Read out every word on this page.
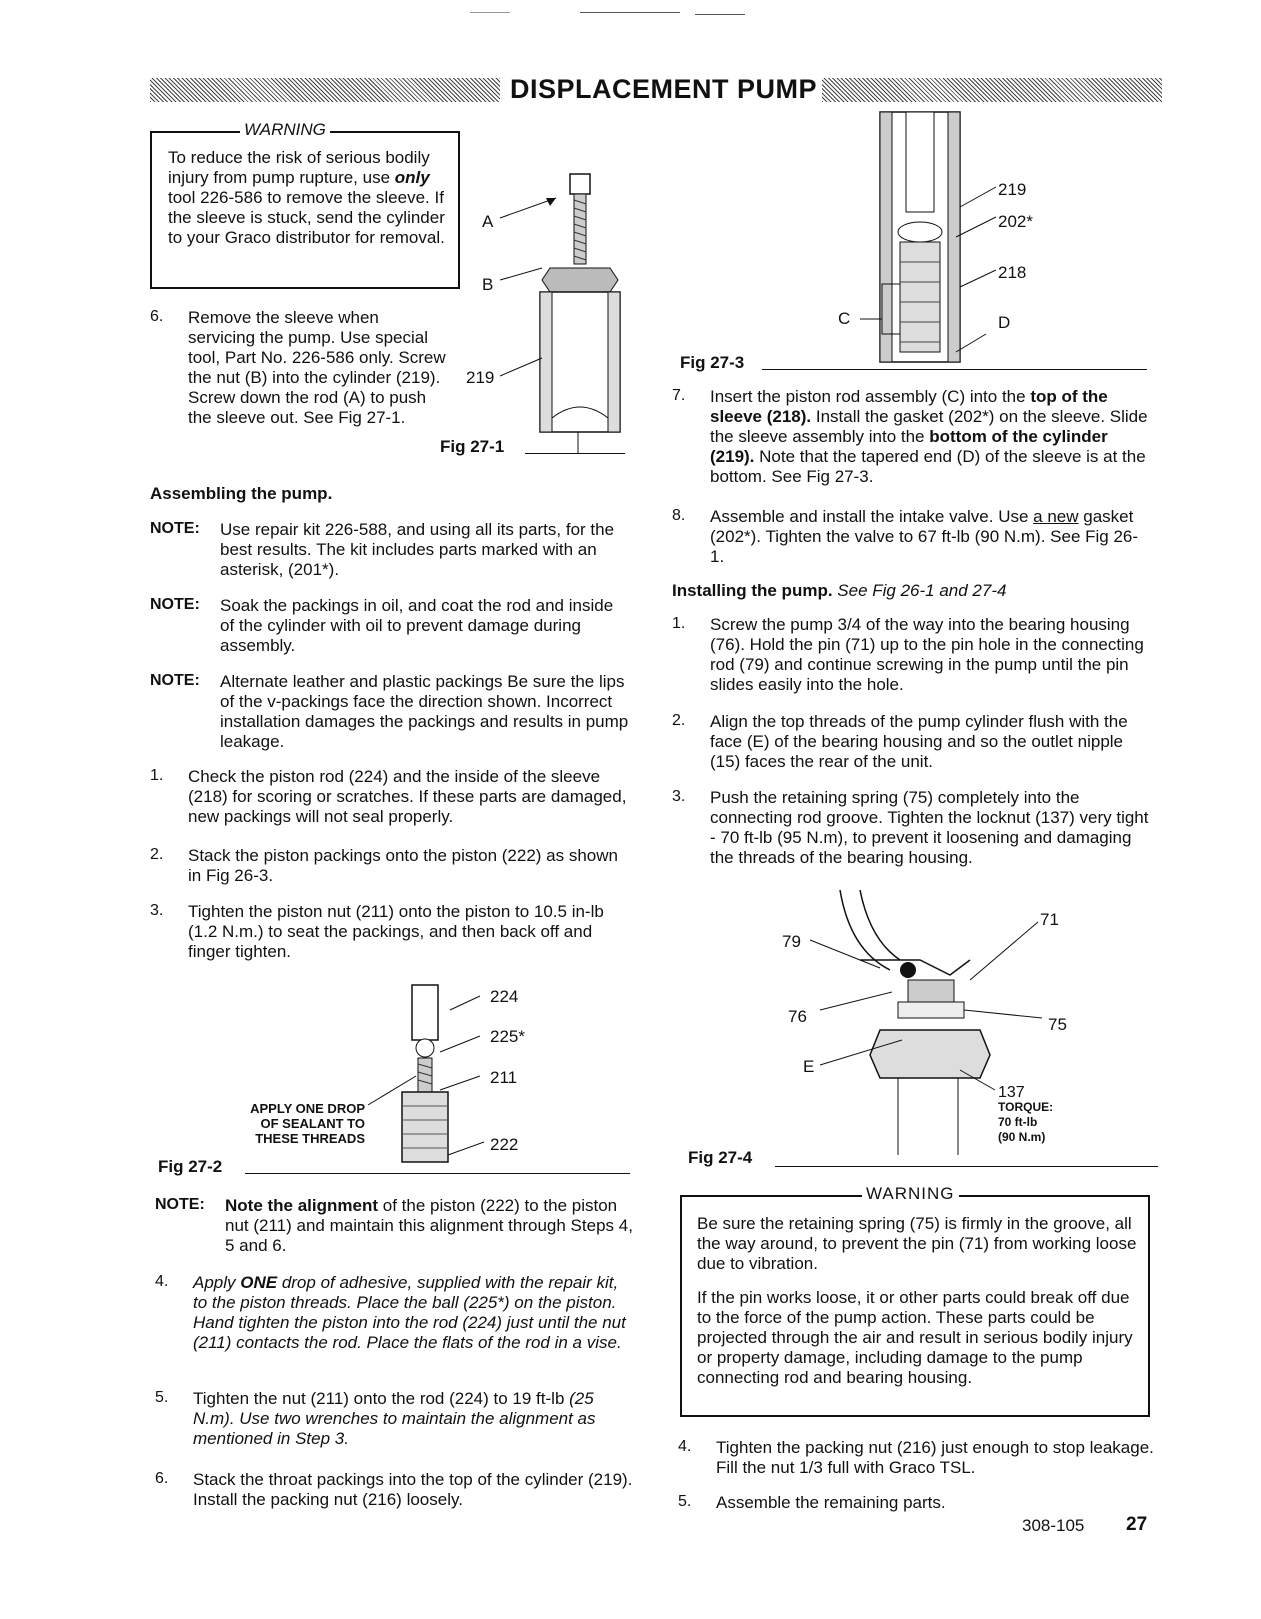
DISPLACEMENT PUMP
WARNING
To reduce the risk of serious bodily injury from pump rupture, use only tool 226-586 to remove the sleeve. If the sleeve is stuck, send the cylinder to your Graco distributor for removal.
6. Remove the sleeve when servicing the pump. Use special tool, Part No. 226-586 only. Screw the nut (B) into the cylinder (219). Screw down the rod (A) to push the sleeve out. See Fig 27-1.

A
B
219
Fig 27-1
Assembling the pump.
NOTE: Use repair kit 226-588, and using all its parts, for the best results. The kit includes parts marked with an asterisk, (201*).

NOTE: Soak the packings in oil, and coat the rod and inside of the cylinder with oil to prevent damage during assembly.

NOTE: Alternate leather and plastic packings Be sure the lips of the v-packings face the direction shown. Incorrect installation damages the packings and results in pump leakage.

1. Check the piston rod (224) and the inside of the sleeve (218) for scoring or scratches. If these parts are damaged, new packings will not seal properly.

2. Stack the piston packings onto the piston (222) as shown in Fig 26-3.

3. Tighten the piston nut (211) onto the piston to 10.5 in-lb (1.2 N.m.) to seat the packings, and then back off and finger tighten.

224
225*
211
222
APPLY ONE DROP
OF SEALANT TO
THESE THREADS
Fig 27-2
NOTE: Note the alignment of the piston (222) to the piston nut (211) and maintain this alignment through Steps 4, 5 and 6.

4. Apply ONE drop of adhesive, supplied with the repair kit, to the piston threads. Place the ball (225*) on the piston. Hand tighten the piston into the rod (224) just until the nut (211) contacts the rod. Place the flats of the rod in a vise.

5. Tighten the nut (211) onto the rod (224) to 19 ft-lb (25 N.m). Use two wrenches to maintain the alignment as mentioned in Step 3.

6. Stack the throat packings into the top of the cylinder (219). Install the packing nut (216) loosely.

219
202*
218
C	D
Fig 27-3
7. Insert the piston rod assembly (C) into the top of the sleeve (218). Install the gasket (202*) on the sleeve. Slide the sleeve assembly into the bottom of the cylinder (219). Note that the tapered end (D) of the sleeve is at the bottom. See Fig 27-3.

8. Assemble and install the intake valve. Use a new gasket (202*). Tighten the valve to 67 ft-lb (90 N.m). See Fig 26-1.

Installing the pump. See Fig 26-1 and 27-4
1. Screw the pump 3/4 of the way into the bearing housing (76). Hold the pin (71) up to the pin hole in the connecting rod (79) and continue screwing in the pump until the pin slides easily into the hole.

2. Align the top threads of the pump cylinder flush with the face (E) of the bearing housing and so the outlet nipple (15) faces the rear of the unit.

3. Push the retaining spring (75) completely into the connecting rod groove. Tighten the locknut (137) very tight - 70 ft-lb (95 N.m), to prevent it loosening and damaging the threads of the bearing housing.

79
71
76	75
E
137
TORQUE:
70 ft-lb
(90 N.m)
Fig 27-4
WARNING
Be sure the retaining spring (75) is firmly in the groove, all the way around, to prevent the pin (71) from working loose due to vibration.
If the pin works loose, it or other parts could break off due to the force of the pump action. These parts could be projected through the air and result in serious bodily injury or property damage, including damage to the pump connecting rod and bearing housing.
4. Tighten the packing nut (216) just enough to stop leakage. Fill the nut 1/3 full with Graco TSL.

5. Assemble the remaining parts.

308-105 27
